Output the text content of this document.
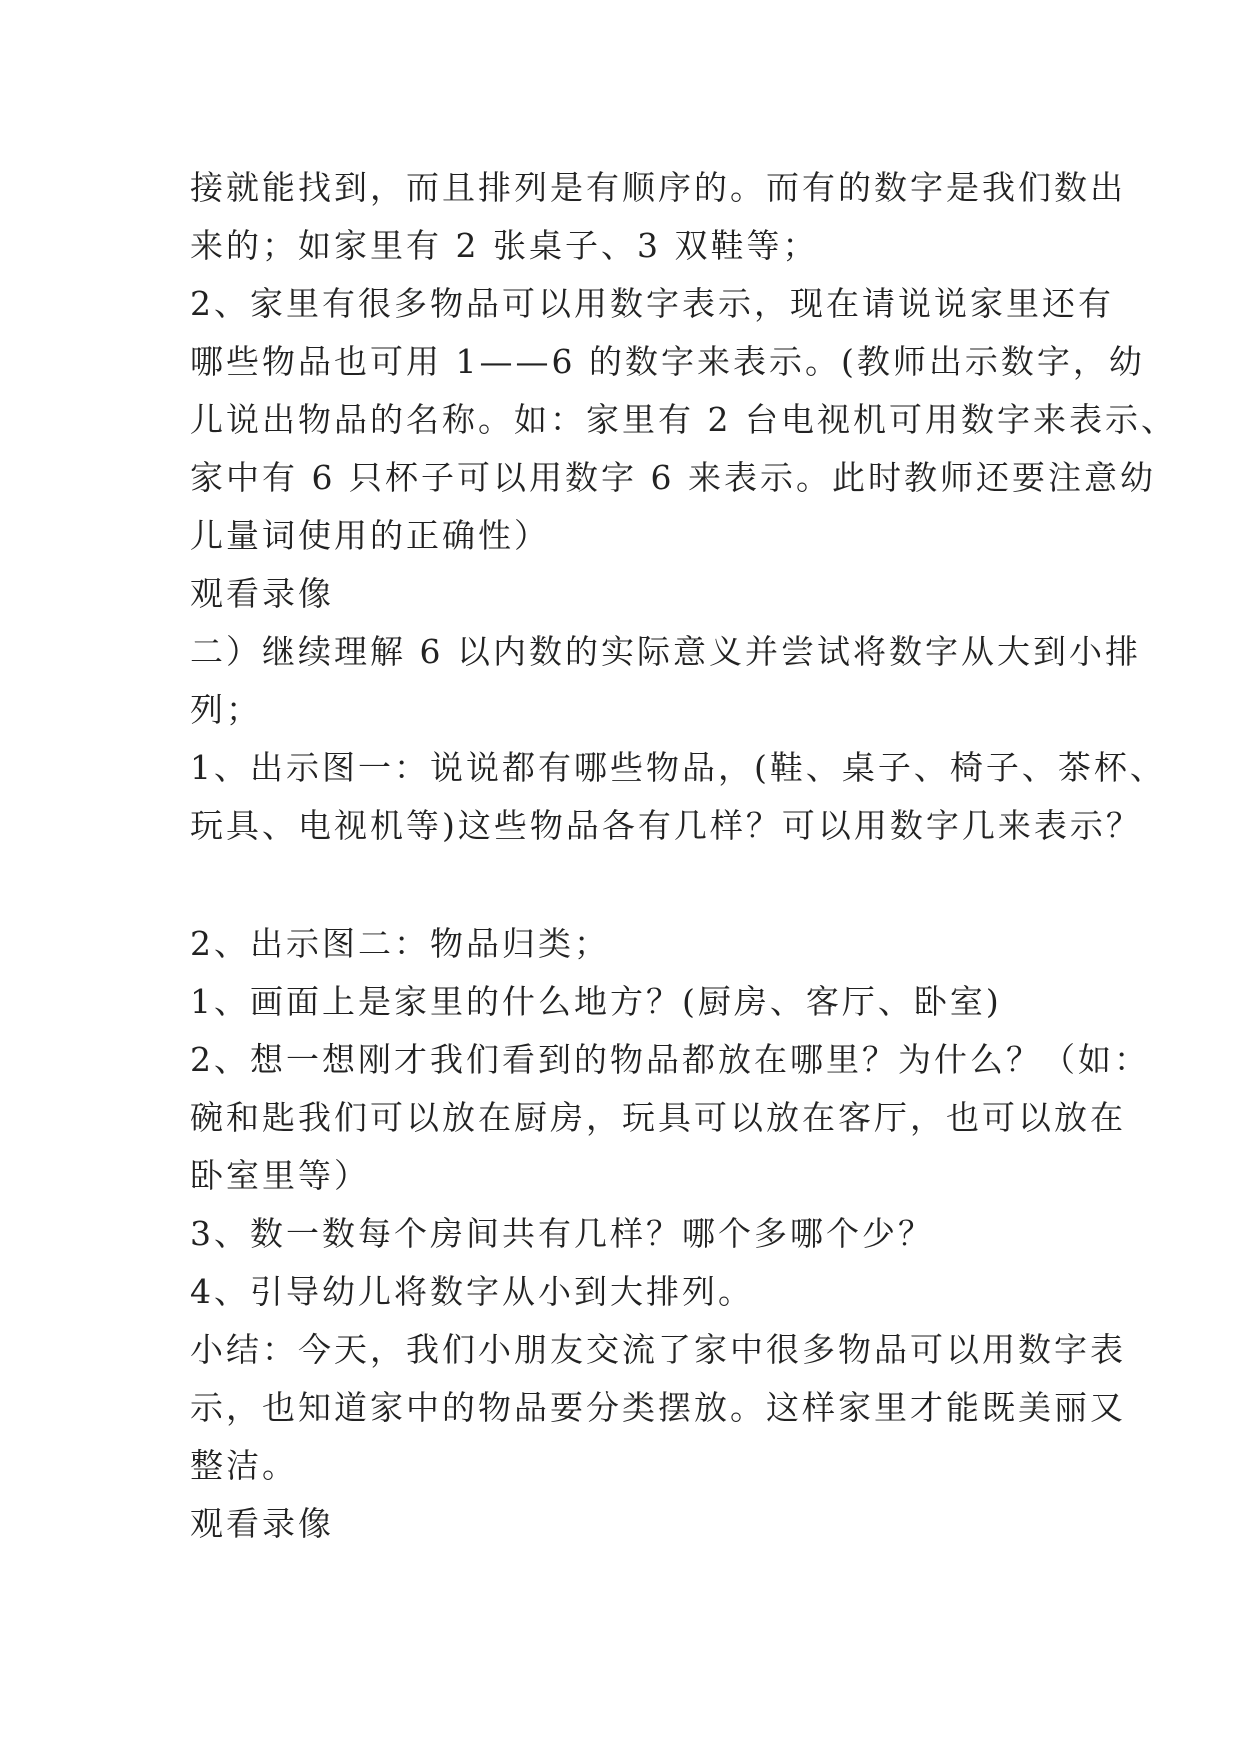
接就能找到，而且排列是有顺序的。而有的数字是我们数出
来的；如家里有 2 张桌子、3 双鞋等；
2、家里有很多物品可以用数字表示，现在请说说家里还有
哪些物品也可用 1——6 的数字来表示。(教师出示数字，幼
儿说出物品的名称。如：家里有 2 台电视机可用数字来表示、
家中有 6 只杯子可以用数字 6 来表示。此时教师还要注意幼
儿量词使用的正确性）
观看录像
二）继续理解 6 以内数的实际意义并尝试将数字从大到小排
列；
1、出示图一：说说都有哪些物品，(鞋、桌子、椅子、茶杯、
玩具、电视机等)这些物品各有几样？可以用数字几来表示？
2、出示图二：物品归类；
1、画面上是家里的什么地方？(厨房、客厅、卧室)
2、想一想刚才我们看到的物品都放在哪里？为什么？（如：
碗和匙我们可以放在厨房，玩具可以放在客厅，也可以放在
卧室里等）
3、数一数每个房间共有几样？哪个多哪个少？
4、引导幼儿将数字从小到大排列。
小结：今天，我们小朋友交流了家中很多物品可以用数字表
示，也知道家中的物品要分类摆放。这样家里才能既美丽又
整洁。
观看录像
